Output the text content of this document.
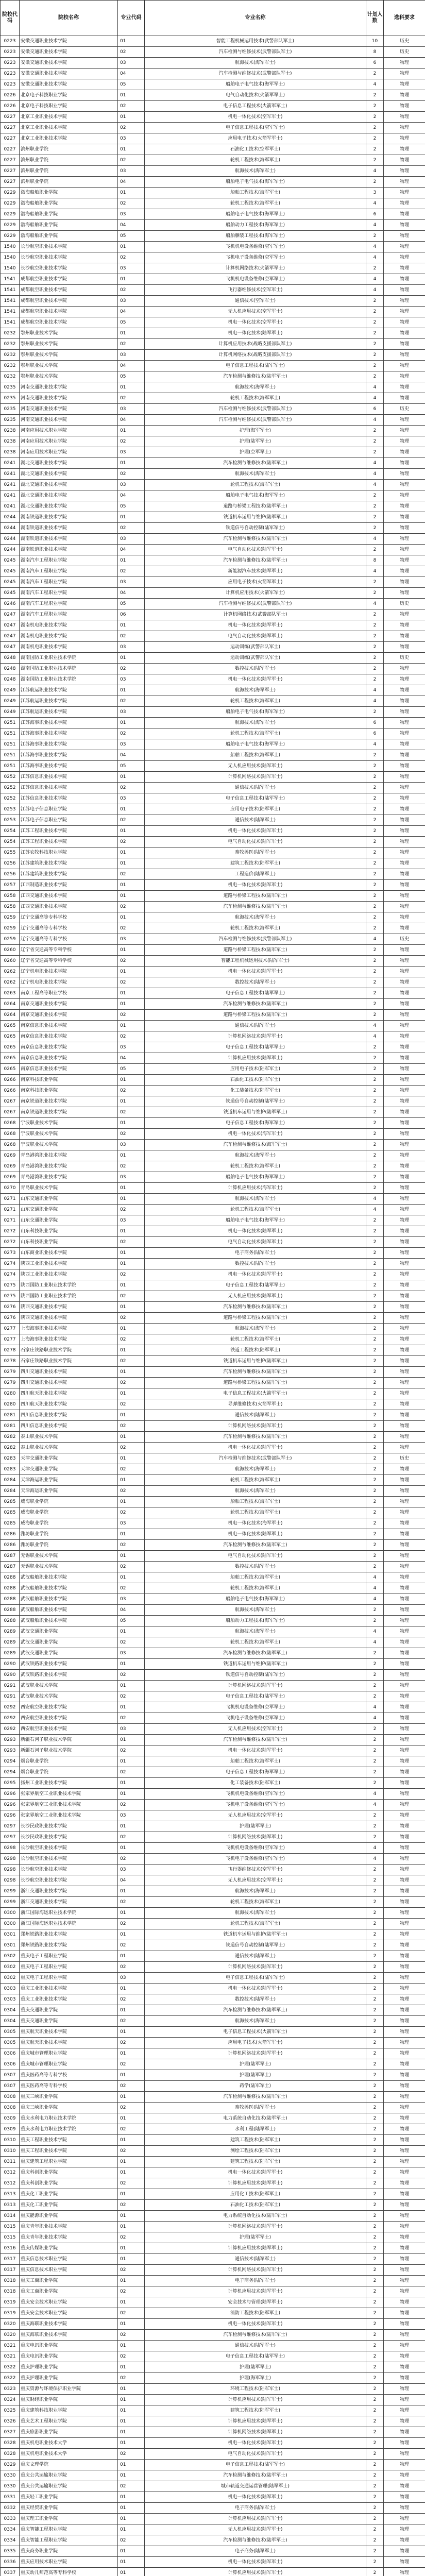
院校代码	院校名称	专业代码	专业名称	计划人数	选科要求
0223	安徽交通职业技术学院	01	智能工程机械运用技术(武警部队军士)	10	历史
0223	安徽交通职业技术学院	02	汽车检测与维修技术(武警部队军士)	8	历史
0223	安徽交通职业技术学院	03	航海技术(海军军士)	6	物理
0223	安徽交通职业技术学院	04	汽车检测与维修技术(武警部队军士)	2	物理
0223	安徽交通职业技术学院	05	船舶电子电气技术(海军军士)	4	物理
0226	北京电子科技职业学院	01	电气自动化技术(火箭军军士)	2	物理
0226	北京电子科技职业学院	02	电子信息工程技术(火箭军军士)	2	物理
0227	北京工业职业技术学院	01	机电一体化技术(空军军士)	2	物理
0227	北京工业职业技术学院	02	电子信息工程技术(空军军士)	2	物理
0227	北京工业职业技术学院	03	应用电子技术(火箭军军士)	2	物理
0227	滨州职业学院	01	石油化工技术(空军军士)	2	物理
0227	滨州职业学院	02	轮机工程技术(海军军士)	2	物理
0227	滨州职业学院	03	航海技术(海军军士)	4	物理
0227	滨州职业学院	04	船舶电子电气技术(海军军士)	2	物理
0229	渤海船舶职业学院	01	船舶工程技术(海军军士)	3	物理
0229	渤海船舶职业学院	02	轮机工程技术(海军军士)	4	物理
0229	渤海船舶职业学院	03	船舶电子电气技术(海军军士)	6	物理
0229	渤海船舶职业学院	04	船舶动力工程技术(海军军士)	4	物理
0229	渤海船舶职业学院	05	船舶舾装工程技术(海军军士)	2	物理
1540	长沙航空职业技术学院	01	飞机机电设备维修(空军军士)	4	物理
1540	长沙航空职业技术学院	02	飞机电子设备维修(空军军士)	4	物理
1540	长沙航空职业技术学院	03	计算机网络技术(火箭军军士)	2	物理
1541	成都航空职业技术学院	01	飞机机电设备维修(空军军士)	4	物理
1541	成都航空职业技术学院	02	飞行器维修技术(空军军士)	4	物理
1541	成都航空职业技术学院	03	通信技术(空军军士)	2	物理
1541	成都航空职业技术学院	04	无人机应用技术(空军军士)	2	物理
1541	成都航空职业技术学院	05	机电一体化技术(空军军士)	2	物理
0232	鄂州职业技术学院	01	机电一体化技术(陆军军士)	2	物理
0232	鄂州职业技术学院	02	计算机应用技术(战略支援部队军士)	2	物理
0232	鄂州职业技术学院	03	计算机网络技术(战略支援部队军士)	2	物理
0232	鄂州职业技术学院	04	电子信息工程技术(陆军军士)	2	物理
0232	鄂州职业技术学院	05	汽车检测与维修技术(陆军军士)	2	物理
0235	河南交通职业技术学院	01	航海技术(海军军士)	4	物理
0235	河南交通职业技术学院	02	轮机工程技术(海军军士)	4	物理
0235	河南交通职业技术学院	03	汽车检测与维修技术(武警部队军士)	6	历史
0235	河南交通职业技术学院	04	汽车检测与维修技术(武警部队军士)	4	物理
0238	河南应用技术职业学院	01	护理(海军军士)	2	物理
0238	河南应用技术职业学院	02	护理(陆军军士)	2	物理
0238	河南应用技术职业学院	03	护理(空军军士)	2	物理
0241	湖北交通职业技术学院	01	汽车检测与维修技术(陆军军士)	4	物理
0241	湖北交通职业技术学院	02	航海技术(海军军士)	4	物理
0241	湖北交通职业技术学院	03	轮机工程技术(海军军士)	4	物理
0241	湖北交通职业技术学院	04	船舶电子电气技术(海军军士)	2	物理
0241	湖北交通职业技术学院	05	道路与桥梁工程技术(陆军军士)	2	物理
0244	湖南铁道职业技术学院	01	铁道机车运用与维护(陆军军士)	2	物理
0244	湖南铁道职业技术学院	02	铁道信号自动控制(陆军军士)	2	物理
0244	湖南铁道职业技术学院	03	汽车检测与维修技术(陆军军士)	4	物理
0244	湖南铁道职业技术学院	04	电气自动化技术(陆军军士)	2	物理
0245	湖南汽车工程职业学院	01	汽车检测与维修技术(陆军军士)	8	物理
0245	湖南汽车工程职业学院	02	新能源汽车技术(陆军军士)	4	物理
0245	湖南汽车工程职业学院	03	应用电子技术(火箭军军士)	2	物理
0245	湖南汽车工程职业学院	04	计算机应用技术(火箭军军士)	2	物理
0246	湖南汽车工程职业学院	05	汽车检测与维修技术(武警部队军士)	4	历史
0247	湖南汽车工程职业学院	06	计算机网络技术(武警部队军士)	2	物理
0247	湖南机电职业技术学院	01	机电一体化技术(陆军军士)	2	物理
0247	湖南机电职业技术学院	02	电气自动化技术(陆军军士)	2	物理
0247	湖南机电职业技术学院	03	运动训练(武警部队军士)	2	物理
0248	湖南国防工业职业技术学院	01	运动训练(武警部队军士)	2	历史
0248	湖南国防工业职业技术学院	02	数控技术(陆军军士)	2	物理
0248	湖南国防工业职业技术学院	03	机电一体化技术(陆军军士)	2	物理
0249	江苏航运职业技术学院	01	航海技术(海军军士)	4	物理
0249	江苏航运职业技术学院	02	轮机工程技术(海军军士)	4	物理
0249	江苏航运职业技术学院	03	船舶电子电气技术(海军军士)	2	物理
0251	江苏海事职业技术学院	01	航海技术(海军军士)	6	物理
0251	江苏海事职业技术学院	02	轮机工程技术(海军军士)	6	物理
0251	江苏海事职业技术学院	03	船舶电子电气技术(海军军士)	4	物理
0251	江苏海事职业技术学院	04	船舶工程技术(海军军士)	2	物理
0251	江苏海事职业技术学院	05	无人机应用技术(陆军军士)	2	物理
0252	江苏信息职业技术学院	01	计算机网络技术(陆军军士)	2	物理
0252	江苏信息职业技术学院	02	通信技术(陆军军士)	2	物理
0252	江苏信息职业技术学院	03	电子信息工程技术(陆军军士)	2	物理
0253	江苏电子信息职业学院	01	应用电子技术(陆军军士)	2	物理
0253	江苏电子信息职业学院	02	通信技术(陆军军士)	2	物理
0254	江苏工程职业技术学院	01	机电一体化技术(陆军军士)	2	物理
0254	江苏工程职业技术学院	02	电气自动化技术(陆军军士)	2	物理
0255	江苏农牧科技职业学院	01	畜牧兽医(陆军军士)	2	物理
0256	江苏建筑职业技术学院	01	建筑工程技术(陆军军士)	2	物理
0256	江苏建筑职业技术学院	02	工程造价(陆军军士)	2	物理
0257	江西制造职业技术学院	01	机电一体化技术(陆军军士)	2	物理
0258	江西交通职业技术学院	01	道路与桥梁工程技术(陆军军士)	2	物理
0258	江西交通职业技术学院	02	汽车检测与维修技术(陆军军士)	2	物理
0259	辽宁交通高等专科学校	01	航海技术(海军军士)	2	物理
0259	辽宁交通高等专科学校	02	轮机工程技术(海军军士)	2	物理
0259	辽宁交通高等专科学校	03	汽车检测与维修技术(武警部队军士)	4	历史
0260	辽宁省交通高等专科学校	01	道路与桥梁工程技术(陆军军士)	2	物理
0260	辽宁省交通高等专科学校	02	智能工程机械运用技术(陆军军士)	2	物理
0262	辽宁机电职业技术学院	01	机电一体化技术(陆军军士)	2	物理
0262	辽宁机电职业技术学院	02	数控技术(陆军军士)	2	物理
0263	南京工程高等职业学校	01	电子信息工程技术(陆军军士)	2	物理
0264	南京交通职业技术学院	01	汽车检测与维修技术(陆军军士)	2	物理
0264	南京交通职业技术学院	02	道路与桥梁工程技术(陆军军士)	2	物理
0265	南京信息职业技术学院	01	通信技术(陆军军士)	4	物理
0265	南京信息职业技术学院	02	计算机网络技术(陆军军士)	4	物理
0265	南京信息职业技术学院	03	电子信息工程技术(陆军军士)	2	物理
0265	南京信息职业技术学院	04	计算机应用技术(陆军军士)	2	物理
0265	南京信息职业技术学院	05	应用电子技术(陆军军士)	2	物理
0266	南京科技职业学院	01	石油化工技术(陆军军士)	2	物理
0266	南京科技职业学院	02	化工装备技术(陆军军士)	2	物理
0267	南京铁道职业技术学院	01	铁道信号自动控制(陆军军士)	2	物理
0267	南京铁道职业技术学院	02	铁道机车运用与维护(陆军军士)	2	物理
0268	宁波职业技术学院	01	电子信息工程技术(海军军士)	2	物理
0268	宁波职业技术学院	02	机电一体化技术(海军军士)	2	物理
0268	宁波职业技术学院	03	汽车检测与维修技术(海军军士)	2	物理
0269	青岛港湾职业技术学院	01	航海技术(海军军士)	2	物理
0269	青岛港湾职业技术学院	02	轮机工程技术(海军军士)	2	物理
0269	青岛港湾职业技术学院	03	船舶电子电气技术(海军军士)	2	物理
0270	青岛职业技术学院	01	计算机应用技术(海军军士)	2	物理
0271	山东交通职业学院	01	航海技术(海军军士)	4	物理
0271	山东交通职业学院	02	轮机工程技术(海军军士)	4	物理
0271	山东交通职业学院	03	船舶电子电气技术(海军军士)	2	物理
0272	山东科技职业学院	01	机电一体化技术(陆军军士)	2	物理
0272	山东科技职业学院	02	电气自动化技术(陆军军士)	2	物理
0273	山东商业职业技术学院	01	电子商务(陆军军士)	2	物理
0274	陕西工业职业技术学院	01	数控技术(陆军军士)	2	物理
0274	陕西工业职业技术学院	02	机电一体化技术(陆军军士)	2	物理
0275	陕西国防工业职业技术学院	01	电子信息工程技术(陆军军士)	2	物理
0275	陕西国防工业职业技术学院	02	无人机应用技术(陆军军士)	2	物理
0276	陕西交通职业技术学院	01	汽车检测与维修技术(陆军军士)	2	物理
0276	陕西交通职业技术学院	02	道路与桥梁工程技术(陆军军士)	2	物理
0277	上海海事职业技术学院	01	航海技术(海军军士)	2	物理
0277	上海海事职业技术学院	02	轮机工程技术(海军军士)	2	物理
0278	石家庄铁路职业技术学院	01	铁道工程技术(陆军军士)	2	物理
0278	石家庄铁路职业技术学院	02	铁道机车运用与维护(陆军军士)	2	物理
0279	四川交通职业技术学院	01	汽车检测与维修技术(陆军军士)	2	物理
0279	四川交通职业技术学院	02	道路与桥梁工程技术(陆军军士)	2	物理
0280	四川航天职业技术学院	01	电子信息工程技术(火箭军军士)	2	物理
0280	四川航天职业技术学院	02	导弹维修技术(火箭军军士)	2	物理
0281	四川信息职业技术学院	01	通信技术(陆军军士)	2	物理
0281	四川信息职业技术学院	02	计算机网络技术(陆军军士)	2	物理
0282	泰山职业技术学院	01	汽车检测与维修技术(陆军军士)	2	物理
0282	泰山职业技术学院	02	机电一体化技术(陆军军士)	2	物理
0283	天津交通职业学院	01	汽车检测与维修技术(武警部队军士)	2	历史
0283	天津交通职业学院	02	航海技术(海军军士)	2	物理
0284	天津海运职业学院	01	轮机工程技术(海军军士)	2	物理
0284	天津海运职业学院	02	航海技术(海军军士)	2	物理
0285	威海职业学院	01	船舶工程技术(海军军士)	2	物理
0285	威海职业学院	02	轮机工程技术(海军军士)	2	物理
0285	威海职业学院	03	机电一体化技术(海军军士)	2	物理
0286	潍坊职业学院	01	机电一体化技术(陆军军士)	2	物理
0286	潍坊职业学院	02	汽车检测与维修技术(陆军军士)	2	物理
0287	无锡职业技术学院	01	电气自动化技术(陆军军士)	2	物理
0287	无锡职业技术学院	02	数控技术(陆军军士)	2	物理
0288	武汉船舶职业技术学院	01	船舶工程技术(海军军士)	4	物理
0288	武汉船舶职业技术学院	02	轮机工程技术(海军军士)	4	物理
0288	武汉船舶职业技术学院	03	船舶电子电气技术(海军军士)	4	物理
0288	武汉船舶职业技术学院	04	航海技术(海军军士)	2	物理
0288	武汉船舶职业技术学院	05	船舶动力工程技术(海军军士)	2	物理
0289	武汉交通职业学院	01	航海技术(海军军士)	4	物理
0289	武汉交通职业学院	02	轮机工程技术(海军军士)	4	物理
0289	武汉交通职业学院	03	汽车检测与维修技术(陆军军士)	2	物理
0290	武汉铁路职业技术学院	01	铁道机车运用与维护(陆军军士)	2	物理
0290	武汉铁路职业技术学院	02	铁道信号自动控制(陆军军士)	2	物理
0291	武汉职业技术学院	01	计算机网络技术(陆军军士)	2	物理
0291	武汉职业技术学院	02	电子信息工程技术(陆军军士)	2	物理
0292	西安航空职业技术学院	01	飞机机电设备维修(空军军士)	4	物理
0292	西安航空职业技术学院	02	飞机电子设备维修(空军军士)	4	物理
0292	西安航空职业技术学院	03	无人机应用技术(空军军士)	2	物理
0293	新疆石河子职业技术学院	01	汽车检测与维修技术(陆军军士)	2	物理
0293	新疆石河子职业技术学院	02	机电一体化技术(陆军军士)	2	物理
0294	烟台职业学院	01	船舶工程技术(海军军士)	2	物理
0294	烟台职业学院	02	电子信息工程技术(海军军士)	2	物理
0295	扬州工业职业技术学院	01	化工装备技术(陆军军士)	2	物理
0296	张家界航空工业职业技术学院	01	飞机机电设备维修(空军军士)	4	物理
0296	张家界航空工业职业技术学院	02	飞机电子设备维修(空军军士)	4	物理
0296	张家界航空工业职业技术学院	03	无人机应用技术(空军军士)	2	物理
0297	长沙民政职业技术学院	01	护理(陆军军士)	2	物理
0297	长沙民政职业技术学院	02	计算机网络技术(陆军军士)	2	物理
0298	长沙航空职业技术学院	01	飞机机电设备维修(空军军士)	4	物理
0298	长沙航空职业技术学院	02	飞机电子设备维修(空军军士)	4	物理
0298	长沙航空职业技术学院	03	飞行器维修技术(空军军士)	2	物理
0298	长沙航空职业技术学院	04	无人机应用技术(空军军士)	2	物理
0299	浙江交通职业技术学院	01	航海技术(海军军士)	2	物理
0299	浙江交通职业技术学院	02	轮机工程技术(海军军士)	2	物理
0300	浙江国际海运职业技术学院	01	航海技术(海军军士)	2	物理
0300	浙江国际海运职业技术学院	02	轮机工程技术(海军军士)	2	物理
0301	郑州铁路职业技术学院	01	铁道机车运用与维护(陆军军士)	2	物理
0301	郑州铁路职业技术学院	02	铁道信号自动控制(陆军军士)	2	物理
0302	重庆电子工程职业学院	01	通信技术(陆军军士)	2	物理
0302	重庆电子工程职业学院	02	计算机网络技术(陆军军士)	2	物理
0302	重庆电子工程职业学院	03	电子信息工程技术(陆军军士)	2	物理
0303	重庆工业职业技术学院	01	机电一体化技术(陆军军士)	2	物理
0303	重庆工业职业技术学院	02	数控技术(陆军军士)	2	物理
0304	重庆交通职业学院	01	汽车检测与维修技术(陆军军士)	2	物理
0304	重庆交通职业学院	02	航海技术(海军军士)	2	物理
0305	重庆航天职业技术学院	01	电子信息工程技术(火箭军军士)	2	物理
0305	重庆航天职业技术学院	02	应用电子技术(火箭军军士)	2	物理
0306	重庆城市管理职业学院	01	计算机网络技术(陆军军士)	2	物理
0306	重庆城市管理职业学院	02	护理(陆军军士)	2	物理
0307	重庆医药高等专科学校	01	护理(陆军军士)	2	物理
0307	重庆医药高等专科学校	02	药学(陆军军士)	2	物理
0308	重庆三峡职业学院	01	汽车检测与维修技术(陆军军士)	2	物理
0308	重庆三峡职业学院	02	畜牧兽医(陆军军士)	2	物理
0309	重庆水利电力职业技术学院	01	电力系统自动化技术(陆军军士)	2	物理
0309	重庆水利电力职业技术学院	02	水利工程(陆军军士)	2	物理
0310	重庆工程职业技术学院	01	建筑工程技术(陆军军士)	2	物理
0310	重庆工程职业技术学院	02	测绘工程技术(陆军军士)	2	物理
0311	重庆建筑工程职业学院	01	建筑工程技术(陆军军士)	2	物理
0312	重庆科创职业学院	01	机电一体化技术(陆军军士)	2	物理
0312	重庆科创职业学院	02	计算机应用技术(陆军军士)	2	物理
0313	重庆化工职业学院	01	应用化工技术(陆军军士)	2	物理
0313	重庆化工职业学院	02	石油化工技术(陆军军士)	2	物理
0314	重庆能源职业学院	01	电力系统自动化技术(陆军军士)	2	物理
0315	重庆青年职业技术学院	01	计算机网络技术(陆军军士)	2	物理
0315	重庆青年职业技术学院	02	护理(陆军军士)	2	物理
0316	重庆传媒职业学院	01	计算机应用技术(陆军军士)	2	物理
0317	重庆信息技术职业学院	01	通信技术(陆军军士)	2	物理
0317	重庆信息技术职业学院	02	计算机网络技术(陆军军士)	2	物理
0318	重庆工商职业学院	01	电子商务(陆军军士)	2	物理
0318	重庆工商职业学院	02	计算机应用技术(陆军军士)	2	物理
0319	重庆安全技术职业学院	01	安全技术与管理(陆军军士)	2	物理
0319	重庆安全技术职业学院	02	消防工程技术(陆军军士)	2	物理
0320	重庆海联职业技术学院	01	机电一体化技术(陆军军士)	2	物理
0320	重庆海联职业技术学院	02	汽车检测与维修技术(陆军军士)	2	物理
0321	重庆电讯职业学院	01	通信技术(陆军军士)	2	物理
0321	重庆电讯职业学院	02	电子信息工程技术(陆军军士)	2	物理
0322	重庆护理职业学院	01	护理(陆军军士)	2	物理
0322	重庆护理职业学院	02	护理(海军军士)	2	物理
0323	重庆资源与环境保护职业学院	01	环境工程技术(陆军军士)	2	物理
0324	重庆财经职业学院	01	计算机应用技术(陆军军士)	2	物理
0325	重庆建筑科技职业学院	01	建筑工程技术(陆军军士)	2	物理
0326	重庆艺术工程职业学院	01	计算机应用技术(陆军军士)	2	物理
0327	重庆旅游职业学院	01	计算机网络技术(陆军军士)	2	物理
0328	重庆机电职业技术大学	01	机电一体化技术(陆军军士)	2	物理
0328	重庆机电职业技术大学	02	电气自动化技术(陆军军士)	2	物理
0329	重庆文理学院	01	电子信息工程技术(陆军军士)	2	物理
0330	重庆公共运输职业学院	01	汽车检测与维修技术(陆军军士)	2	物理
0330	重庆公共运输职业学院	02	城市轨道交通运营管理(陆军军士)	2	物理
0331	重庆轻工职业学院	01	机电一体化技术(陆军军士)	2	物理
0332	重庆经贸职业学院	01	电子商务(陆军军士)	2	物理
0333	重庆理工职业学院	01	计算机应用技术(陆军军士)	2	物理
0334	重庆智能工程职业学院	01	无人机应用技术(陆军军士)	2	物理
0334	重庆智能工程职业学院	02	汽车检测与维修技术(陆军军士)	2	物理
0335	重庆商务职业学院	01	电子商务(陆军军士)	2	物理
0336	重庆应用技术职业学院	01	机电一体化技术(陆军军士)	2	物理
0337	重庆幼儿师范高等专科学校	01	计算机应用技术(陆军军士)	2	物理
